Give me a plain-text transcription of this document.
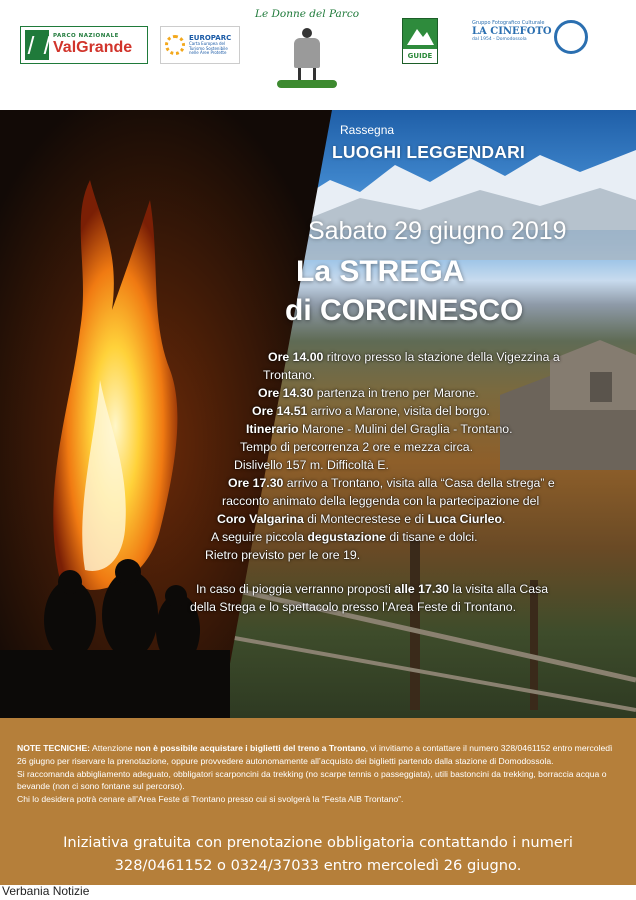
PARCO NAZIONALE
ValGrande
EUROPARC
Carta Europea del Turismo Sostenibile nelle Aree Protette
Le Donne del Parco
GUIDE
Gruppo Fotografico Culturale
LA CINEFOTO
dal 1954 - Domodossola
Rassegna
LUOGHI LEGGENDARI
Sabato 29 giugno 2019
La STREGA
di CORCINESCO
Ore 14.00 ritrovo presso la stazione della Vigezzina a
Trontano.
Ore 14.30 partenza in treno per Marone.
Ore 14.51 arrivo a Marone, visita del borgo.
Itinerario Marone - Mulini del Graglia - Trontano.
Tempo di percorrenza 2 ore e mezza circa.
Dislivello 157 m. Difficoltà E.
Ore 17.30 arrivo a Trontano, visita alla “Casa della strega” e
racconto animato della leggenda con la partecipazione del
Coro Valgarina di Montecrestese e di Luca Ciurleo.
A seguire piccola degustazione di tisane e dolci.
Rietro previsto per le ore 19.
In caso di pioggia verranno proposti alle 17.30 la visita alla Casa
della Strega e lo spettacolo presso l’Area Feste di Trontano.
NOTE TECNICHE: Attenzione non è possibile acquistare i biglietti del treno a Trontano, vi invitiamo a contattare il numero 328/0461152 entro mercoledì 26 giugno per riservare la prenotazione, oppure provvedere autonomamente all’acquisto dei biglietti partendo dalla stazione di Domodossola.
Si raccomanda abbigliamento adeguato, obbligatori scarponcini da trekking (no scarpe tennis o passeggiata), utili bastoncini da trekking, borraccia acqua o bevande (non ci sono fontane sul percorso).
Chi lo desidera potrà cenare all’Area Feste di Trontano presso cui si svolgerà la “Festa AIB Trontano”.
Iniziativa gratuita con prenotazione obbligatoria contattando i numeri
328/0461152 o 0324/37033 entro mercoledì 26 giugno.
Verbania Notizie
